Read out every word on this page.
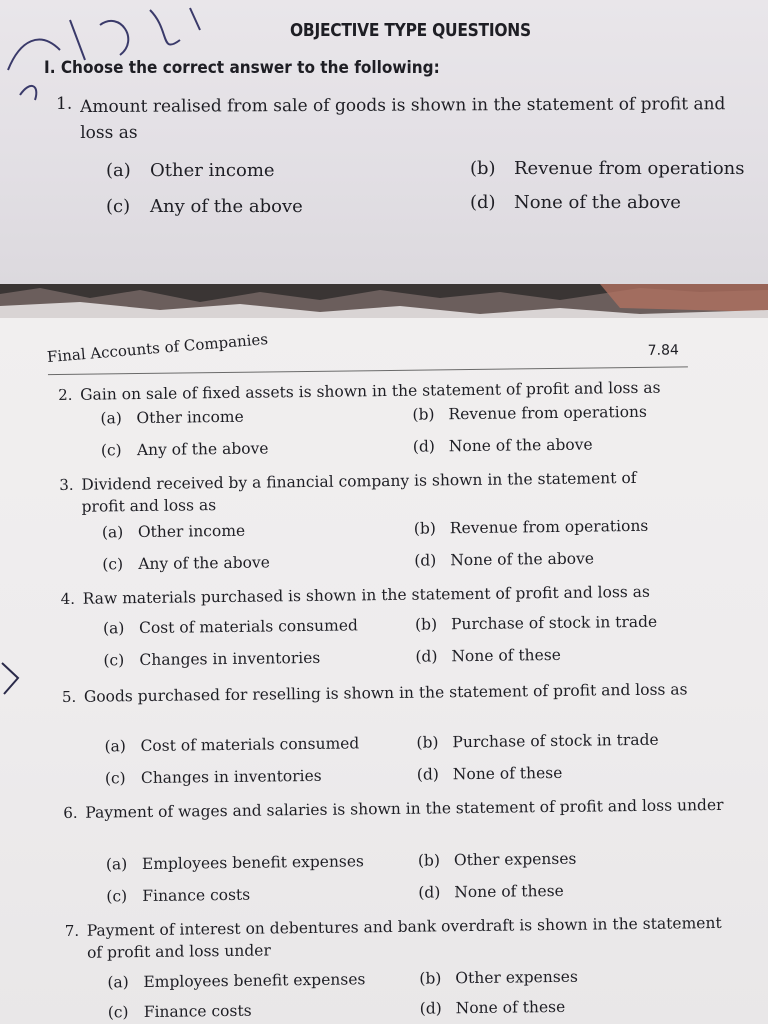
OBJECTIVE TYPE QUESTIONS
I. Choose the correct answer to the following:
1. Amount realised from sale of goods is shown in the statement of profit and loss as
(a) Other income	(b) Revenue from operations
(c) Any of the above	(d) None of the above
Final Accounts of Companies	7.84
2. Gain on sale of fixed assets is shown in the statement of profit and loss as
(a) Other income	(b) Revenue from operations
(c) Any of the above	(d) None of the above
3. Dividend received by a financial company is shown in the statement of profit and loss as
(a) Other income	(b) Revenue from operations
(c) Any of the above	(d) None of the above
4. Raw materials purchased is shown in the statement of profit and loss as
(a) Cost of materials consumed	(b) Purchase of stock in trade
(c) Changes in inventories	(d) None of these
5. Goods purchased for reselling is shown in the statement of profit and loss as
(a) Cost of materials consumed	(b) Purchase of stock in trade
(c) Changes in inventories	(d) None of these
6. Payment of wages and salaries is shown in the statement of profit and loss under
(a) Employees benefit expenses	(b) Other expenses
(c) Finance costs	(d) None of these
7. Payment of interest on debentures and bank overdraft is shown in the statement of profit and loss under
(a) Employees benefit expenses	(b) Other expenses
(c) Finance costs	(d) None of these
